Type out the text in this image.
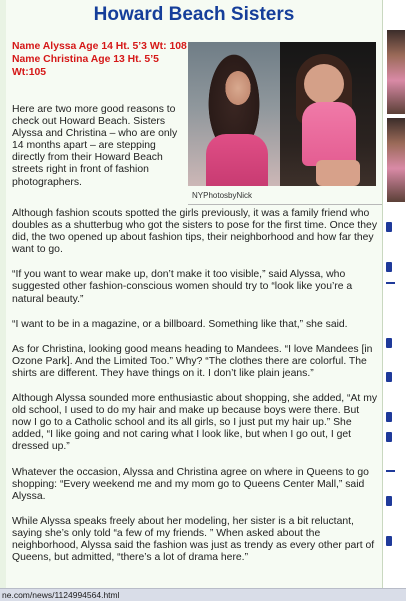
Howard Beach Sisters
Name Alyssa Age 14 Ht. 5’3 Wt: 108
Name Christina Age 13 Ht. 5’5 Wt:105
Here are two more good reasons to check out Howard Beach. Sisters Alyssa and Christina – who are only 14 months apart – are stepping directly from their Howard Beach streets right in front of fashion photographers.
NYPhotosbyNick

Although fashion scouts spotted the girls previously, it was a family friend who doubles as a shutterbug who got the sisters to pose for the first time. Once they did, the two opened up about fashion tips, their neighborhood and how far they want to go.

“If you want to wear make up, don’t make it too visible,” said Alyssa, who suggested other fashion-conscious women should try to “look like you’re a natural beauty.”

“I want to be in a magazine, or a billboard. Something like that,” she said.

As for Christina, looking good means heading to Mandees. “I love Mandees [in Ozone Park]. And the Limited Too.” Why? “The clothes there are colorful. The shirts are different. They have things on it. I don’t like plain jeans.”

Although Alyssa sounded more enthusiastic about shopping, she added, “At my old school, I used to do my hair and make up because boys were there. But now I go to a Catholic school and its all girls, so I just put my hair up.” She added, “I like going and not caring what I look like, but when I go out, I get dressed up.”

Whatever the occasion, Alyssa and Christina agree on where in Queens to go shopping: “Every weekend me and my mom go to Queens Center Mall,” said Alyssa.

While Alyssa speaks freely about her modeling, her sister is a bit reluctant, saying she’s only told “a few of my friends. ” When asked about the neighborhood, Alyssa said the fashion was just as trendy as every other part of Queens, but admitted, “there’s a lot of drama here.”

ne.com/news/1124994564.html
